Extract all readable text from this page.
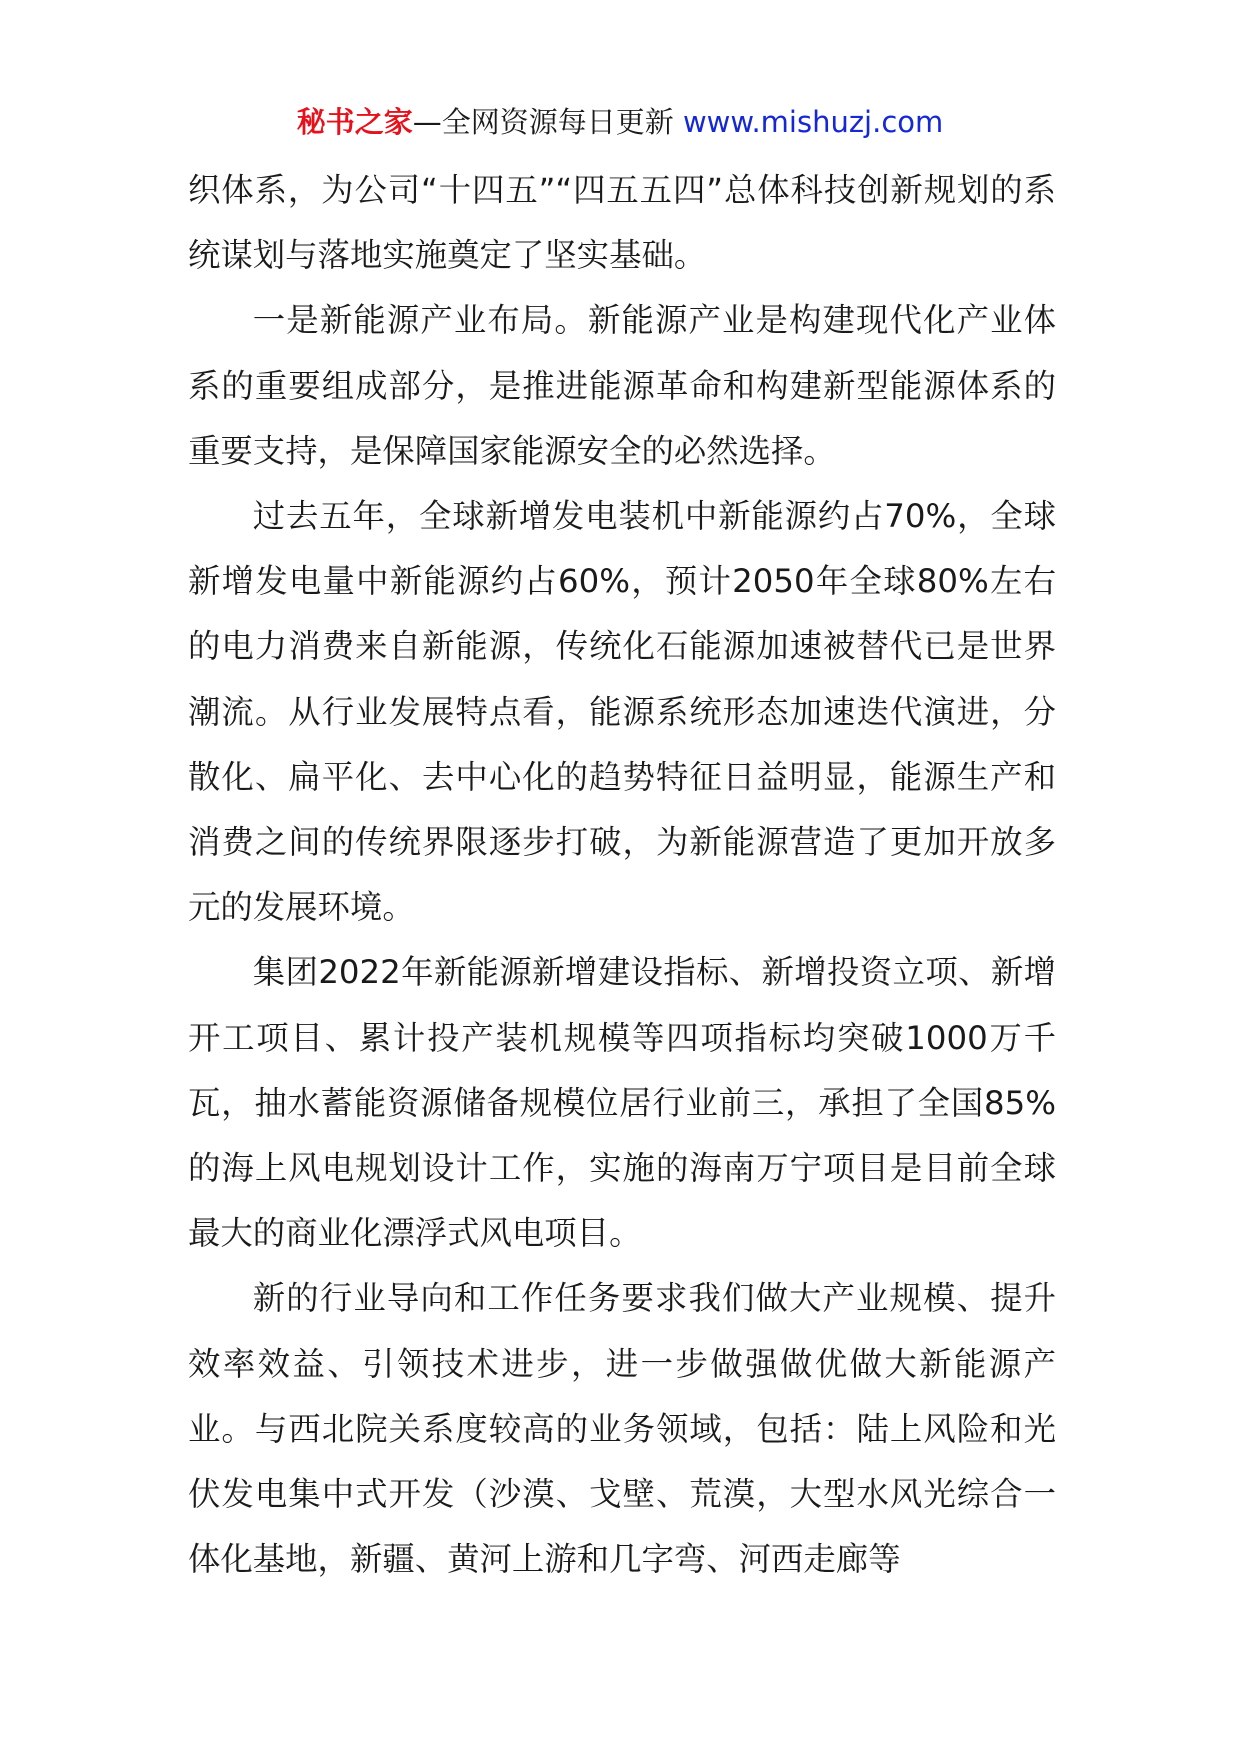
秘书之家—全网资源每日更新 www.mishuzj.com

织体系，为公司“十四五”“四五五四”总体科技创新规划的系统谋划与落地实施奠定了坚实基础。

一是新能源产业布局。新能源产业是构建现代化产业体系的重要组成部分，是推进能源革命和构建新型能源体系的重要支持，是保障国家能源安全的必然选择。

过去五年，全球新增发电装机中新能源约占70%，全球新增发电量中新能源约占60%，预计2050年全球80%左右的电力消费来自新能源，传统化石能源加速被替代已是世界潮流。从行业发展特点看，能源系统形态加速迭代演进，分散化、扁平化、去中心化的趋势特征日益明显，能源生产和消费之间的传统界限逐步打破，为新能源营造了更加开放多元的发展环境。

集团2022年新能源新增建设指标、新增投资立项、新增开工项目、累计投产装机规模等四项指标均突破1000万千瓦，抽水蓄能资源储备规模位居行业前三，承担了全国85%的海上风电规划设计工作，实施的海南万宁项目是目前全球最大的商业化漂浮式风电项目。

新的行业导向和工作任务要求我们做大产业规模、提升效率效益、引领技术进步，进一步做强做优做大新能源产业。与西北院关系度较高的业务领域，包括：陆上风险和光伏发电集中式开发（沙漠、戈壁、荒漠，大型水风光综合一体化基地，新疆、黄河上游和几字弯、河西走廊等
